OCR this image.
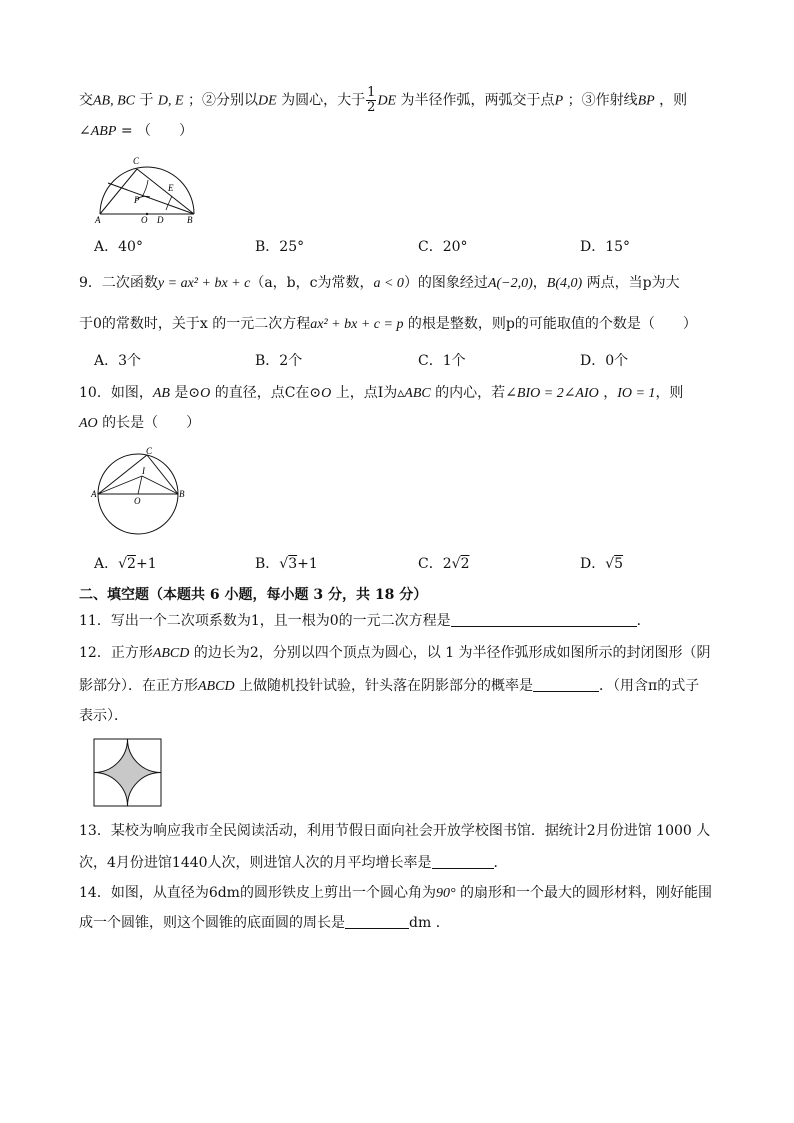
交AB, BC 于 D, E ；②分别以DE 为圆心，大于 $\frac{1}{2}$ DE 为半径作弧，两弧交于点P ；③作射线BP ，则
∠ABP = （　　）
C
E
P
A	O D	B
A．40°	B．25°	C．20°	D．15°
9．二次函数y = ax² + bx + c（a，b，c为常数，a < 0）的图象经过A(−2,0)，B(4,0) 两点，当p为大
于0的常数时，关于x 的一元二次方程ax² + bx + c = p 的根是整数，则p的可能取值的个数是（　　）
A．3个	B．2个	C．1个	D．0个
10．如图，AB 是⊙O 的直径，点C在⊙O 上，点I为▵ABC 的内心，若∠BIO = 2∠AIO ，IO = 1，则
AO 的长是（　　）
C
I
A
O
B
A．√2+1	B．√3+1	C．2√2	D．√5
二、填空题（本题共 6 小题，每小题 3 分，共 18 分）
11．写出一个二次项系数为1，且一根为0的一元二次方程是	．
12．正方形ABCD 的边长为2，分别以四个顶点为圆心，以 1 为半径作弧形成如图所示的封闭图形（阴
影部分）．在正方形ABCD 上做随机投针试验，针头落在阴影部分的概率是	．（用含π的式子
表示）．
13．某校为响应我市全民阅读活动，利用节假日面向社会开放学校图书馆．据统计2月份进馆 1000 人
次，4月份进馆1440人次，则进馆人次的月平均增长率是	．
14．如图，从直径为6dm的圆形铁皮上剪出一个圆心角为90° 的扇形和一个最大的圆形材料，刚好能围
成一个圆锥，则这个圆锥的底面圆的周长是	dm ．
